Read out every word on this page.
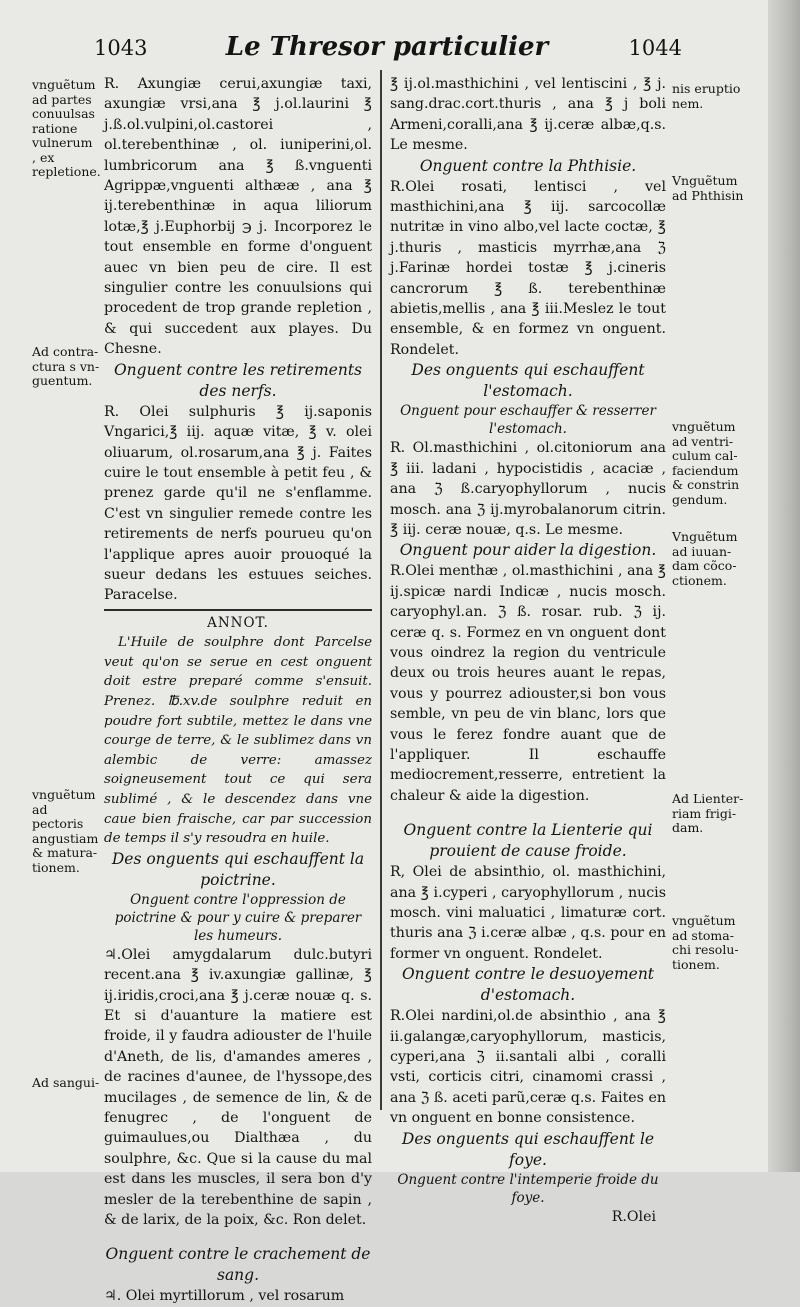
1043	Le Thresor particulier	1044
vnguẽtum ad partes conuulsas ratione vulnerum , ex repletione.
Ad contra-ctura s vn-guentum.
vnguẽtum ad pectoris angustiam & matura-tionem.
Ad sangui-
nis eruptio nem.
Vnguẽtum ad Phthisin
vnguẽtum ad ventri-culum cal-faciendum & constrin gendum.
Vnguẽtum ad iuuan-dam cõco-ctionem.
Ad Lienter-riam frigi-dam.
vnguẽtum ad stoma-chi resolu-tionem.

R. Axungiæ cerui,axungiæ taxi, axungiæ vrsi,ana ℥ j.ol.laurini ℥ j.ß.ol.vulpini,ol.castorei , ol.terebenthinæ , ol. iuniperini,ol. lumbricorum ana ℥ ß.vnguenti Agrippæ,vnguenti althææ , ana ℥ ij.terebenthinæ in aqua liliorum lotæ,℥ j.Euphorbij ℈ j. Incorporez le tout ensemble en forme d'onguent auec vn bien peu de cire. Il est singulier contre les conuulsions qui procedent de trop grande repletion , & qui succedent aux playes. Du Chesne.

Onguent contre les retirements des nerfs.

R. Olei sulphuris ℥ ij.saponis Vngarici,℥ iij. aquæ vitæ, ℥ v. olei oliuarum, ol.rosarum,ana ℥ j. Faites cuire le tout ensemble à petit feu , & prenez garde qu'il ne s'enflamme. C'est vn singulier remede contre les retirements de nerfs pourueu qu'on l'applique apres auoir prouoqué la sueur dedans les estuues seiches. Paracelse.

ANNOT.

L'Huile de soulphre dont Parcelse veut qu'on se serue en cest onguent doit estre preparé comme s'ensuit. Prenez. ℔.xv.de soulphre reduit en poudre fort subtile, mettez le dans vne courge de terre, & le sublimez dans vn alembic de verre: amassez soigneusement tout ce qui sera sublimé , & le descendez dans vne caue bien fraische, car par succession de temps il s'y resoudra en huile.

Des onguents qui eschauffent la poictrine.

Onguent contre l'oppression de poictrine & pour y cuire & preparer les humeurs.

♃.Olei amygdalarum dulc.butyri recent.ana ℥ iv.axungiæ gallinæ, ℥ ij.iridis,croci,ana ℥ j.ceræ nouæ q. s. Et si d'auanture la matiere est froide, il y faudra adiouster de l'huile d'Aneth, de lis, d'amandes ameres , de racines d'aunee, de l'hyssope,des mucilages , de semence de lin, & de fenugrec , de l'onguent de guimaulues,ou Dialthæa , du soulphre, &c. Que si la cause du mal est dans les muscles, il sera bon d'y mesler de la terebenthine de sapin , & de larix, de la poix, &c. Ron delet.

Onguent contre le crachement de sang.

♃. Olei myrtillorum , vel rosarum

℥ ij.ol.masthichini , vel lentiscini , ℥ j. sang.drac.cort.thuris , ana ℥ j boli Armeni,coralli,ana ℥ ij.ceræ albæ,q.s. Le mesme.

Onguent contre la Phthisie.

R.Olei rosati, lentisci , vel masthichini,ana ℥ iij. sarcocollæ nutritæ in vino albo,vel lacte coctæ, ℥ j.thuris , masticis myrrhæ,ana ℨ j.Farinæ hordei tostæ ℥ j.cineris cancrorum ℥ ß. terebenthinæ abietis,mellis , ana ℥ iii.Meslez le tout ensemble, & en formez vn onguent. Rondelet.

Des onguents qui eschauffent l'estomach.

Onguent pour eschauffer & resserrer l'estomach.

R. Ol.masthichini , ol.citoniorum ana ℥ iii. ladani , hypocistidis , acaciæ , ana ℨ ß.caryophyllorum , nucis mosch. ana ℨ ij.myrobalanorum citrin. ℥ iij. ceræ nouæ, q.s. Le mesme.

Onguent pour aider la digestion.

R.Olei menthæ , ol.masthichini , ana ℥ ij.spicæ nardi Indicæ , nucis mosch. caryophyl.an. ℨ ß. rosar. rub. ℨ ij. ceræ q. s. Formez en vn onguent dont vous oindrez la region du ventricule deux ou trois heures auant le repas, vous y pourrez adiouster,si bon vous semble, vn peu de vin blanc, lors que vous le ferez fondre auant que de l'appliquer. Il eschauffe mediocrement,resserre, entretient la chaleur & aide la digestion.

Onguent contre la Lienterie qui prouient de cause froide.

R, Olei de absinthio, ol. masthichini, ana ℥ i.cyperi , caryophyllorum , nucis mosch. vini maluatici , limaturæ cort. thuris ana ℨ i.ceræ albæ , q.s. pour en former vn onguent. Rondelet.

Onguent contre le desuoyement d'estomach.

R.Olei nardini,ol.de absinthio , ana ℥ ii.galangæ,caryophyllorum, masticis, cyperi,ana ℨ ii.santali albi , coralli vsti, corticis citri, cinamomi crassi , ana ℨ ß. aceti parũ,ceræ q.s. Faites en vn onguent en bonne consistence.

Des onguents qui eschauffent le foye.

Onguent contre l'intemperie froide du foye.

R.Olei
